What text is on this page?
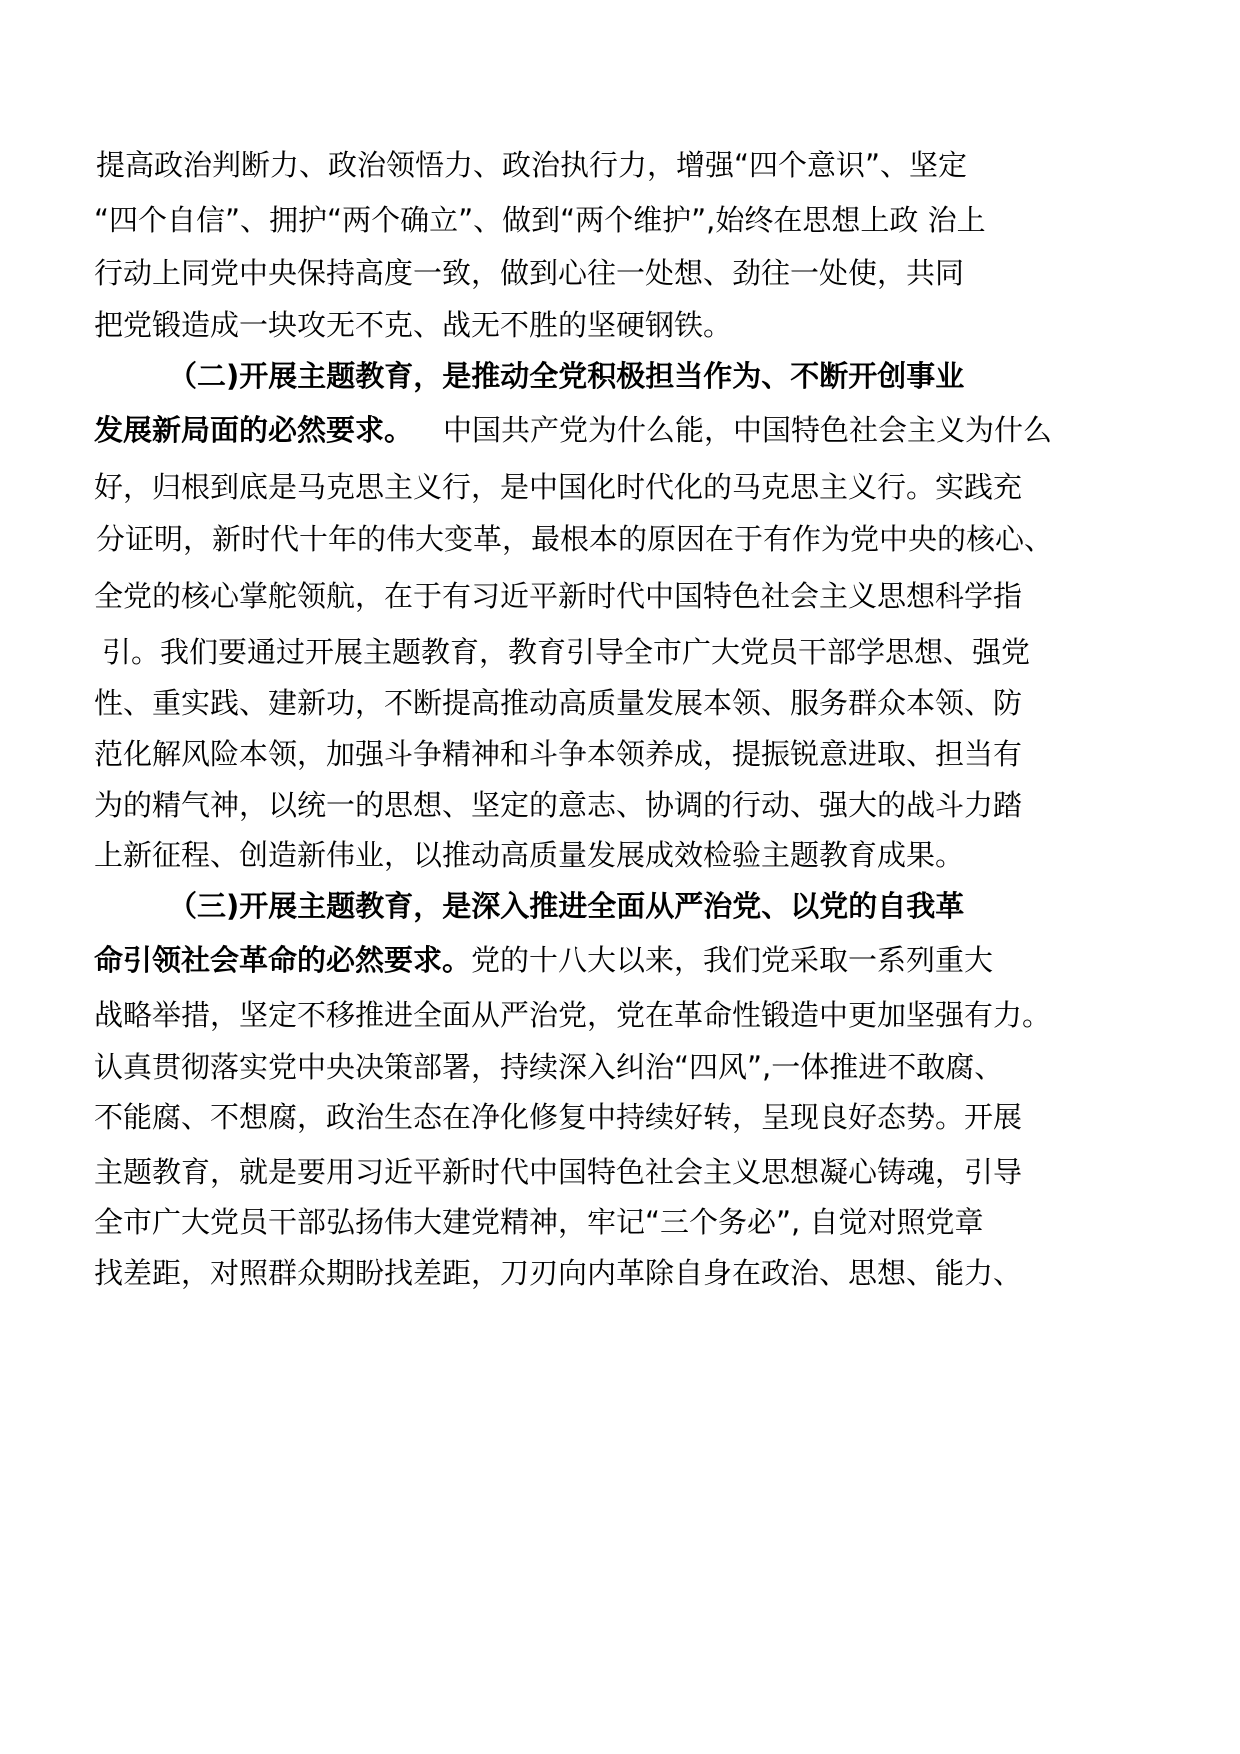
提高政治判断力、政治领悟力、政治执行力，增强“四个意识”、坚定
“四个自信”、拥护“两个确立”、做到“两个维护”,始终在思想上政 治上
行动上同党中央保持高度一致，做到心往一处想、劲往一处使，共同
把党锻造成一块攻无不克、战无不胜的坚硬钢铁。
（二)开展主题教育，是推动全党积极担当作为、不断开创事业
发展新局面的必然要求。 中国共产党为什么能，中国特色社会主义为什么
好，归根到底是马克思主义行，是中国化时代化的马克思主义行。实践充
分证明，新时代十年的伟大变革，最根本的原因在于有作为党中央的核心、
全党的核心掌舵领航，在于有习近平新时代中国特色社会主义思想科学指
引。我们要通过开展主题教育，教育引导全市广大党员干部学思想、强党
性、重实践、建新功，不断提高推动高质量发展本领、服务群众本领、防
范化解风险本领，加强斗争精神和斗争本领养成，提振锐意进取、担当有
为的精气神，以统一的思想、坚定的意志、协调的行动、强大的战斗力踏
上新征程、创造新伟业，以推动高质量发展成效检验主题教育成果。
（三)开展主题教育，是深入推进全面从严治党、以党的自我革
命引领社会革命的必然要求。党的十八大以来，我们党采取一系列重大
战略举措，坚定不移推进全面从严治党，党在革命性锻造中更加坚强有力。
认真贯彻落实党中央决策部署，持续深入纠治“四风”,一体推进不敢腐、
不能腐、不想腐，政治生态在净化修复中持续好转，呈现良好态势。开展
主题教育，就是要用习近平新时代中国特色社会主义思想凝心铸魂，引导
全市广大党员干部弘扬伟大建党精神，牢记“三个务必”, 自觉对照党章
找差距，对照群众期盼找差距，刀刃向内革除自身在政治、思想、能力、
